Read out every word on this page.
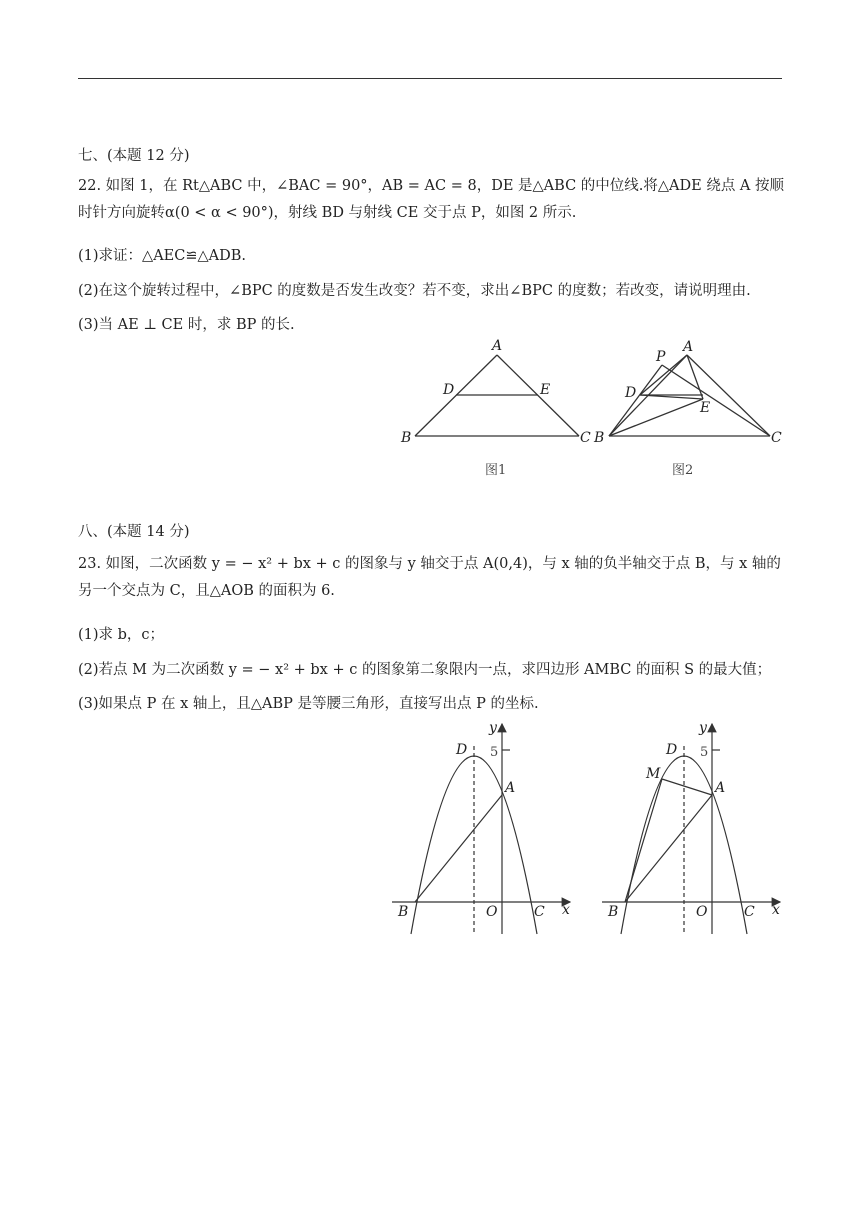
七、(本题 12 分)
22. 如图 1，在 Rt△ABC 中，∠BAC = 90°，AB = AC = 8，DE 是△ABC 的中位线.将△ADE 绕点 A 按顺时针方向旋转α(0 < α < 90°)，射线 BD 与射线 CE 交于点 P，如图 2 所示.
(1)求证：△AEC≌△ADB.
(2)在这个旋转过程中，∠BPC 的度数是否发生改变？若不变，求出∠BPC 的度数；若改变，请说明理由.
(3)当 AE ⊥ CE 时，求 BP 的长.
A
D	E
B	C
图1
P
A
D
E
B	C
图2
八、(本题 14 分)
23. 如图，二次函数 y = − x² + bx + c 的图象与 y 轴交于点 A(0,4)，与 x 轴的负半轴交于点 B，与 x 轴的另一个交点为 C，且△AOB 的面积为 6.
(1)求 b，c；
(2)若点 M 为二次函数 y = − x² + bx + c 的图象第二象限内一点，求四边形 AMBC 的面积 S 的最大值；
(3)如果点 P 在 x 轴上，且△ABP 是等腰三角形，直接写出点 P 的坐标.
y
5
D
A
B	O	C x
y
5
D
M
A
B	O	C x
